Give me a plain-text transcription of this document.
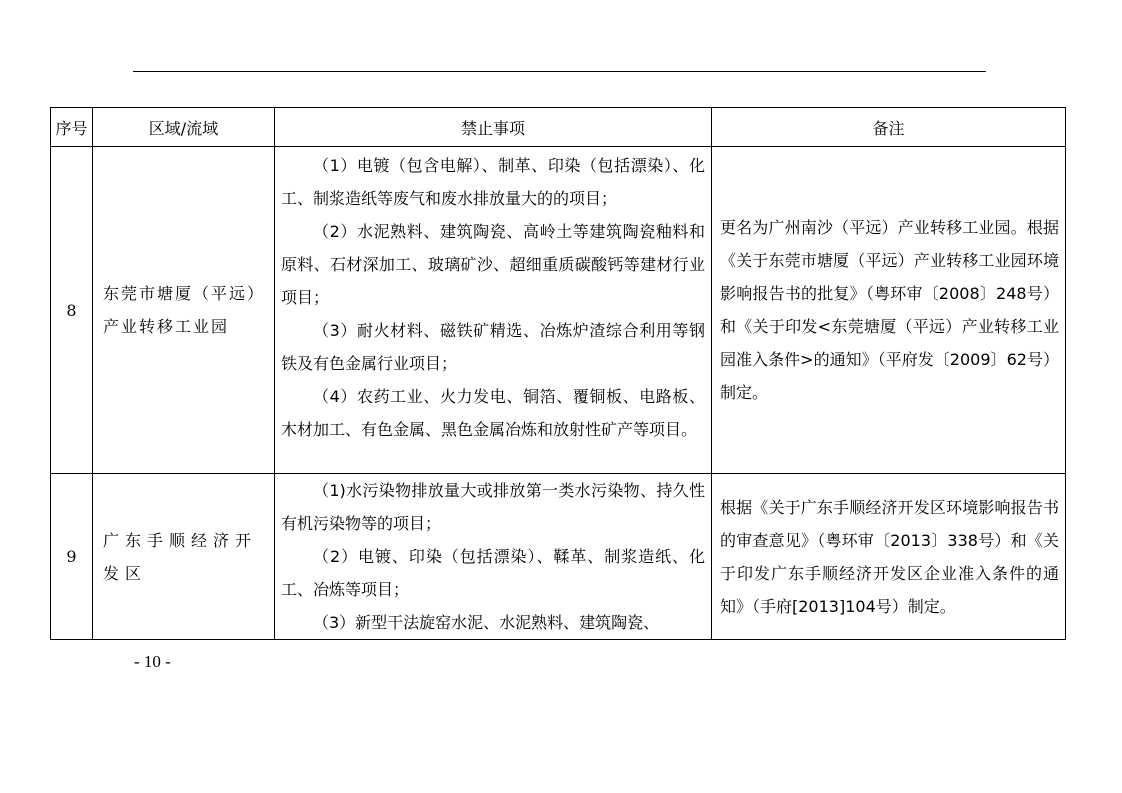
序号	区域/流域	禁止事项	备注
8	东莞市塘厦（平远）产业转移工业园	（1）电镀（包含电解）、制革、印染（包括漂染）、化工、制浆造纸等废气和废水排放量大的的项目；

（2）水泥熟料、建筑陶瓷、高岭土等建筑陶瓷釉料和原料、石材深加工、玻璃矿沙、超细重质碳酸钙等建材行业项目；

（3）耐火材料、磁铁矿精选、冶炼炉渣综合利用等钢铁及有色金属行业项目；

（4）农药工业、火力发电、铜箔、覆铜板、电路板、木材加工、有色金属、黑色金属冶炼和放射性矿产等项目。	更名为广州南沙（平远）产业转移工业园。根据《关于东莞市塘厦（平远）产业转移工业园环境影响报告书的批复》（粤环审〔2008〕248号）和《关于印发<东莞塘厦（平远）产业转移工业园准入条件>的通知》（平府发〔2009〕62号）制定。
9	广东手顺经济开发区	（1)水污染物排放量大或排放第一类水污染物、持久性有机污染物等的项目；

（2）电镀、印染（包括漂染）、鞣革、制浆造纸、化工、冶炼等项目；

（3）新型干法旋窑水泥、水泥熟料、建筑陶瓷、	根据《关于广东手顺经济开发区环境影响报告书的审查意见》（粤环审〔2013〕338号）和《关于印发广东手顺经济开发区企业准入条件的通知》（手府[2013]104号）制定。
- 10 -
